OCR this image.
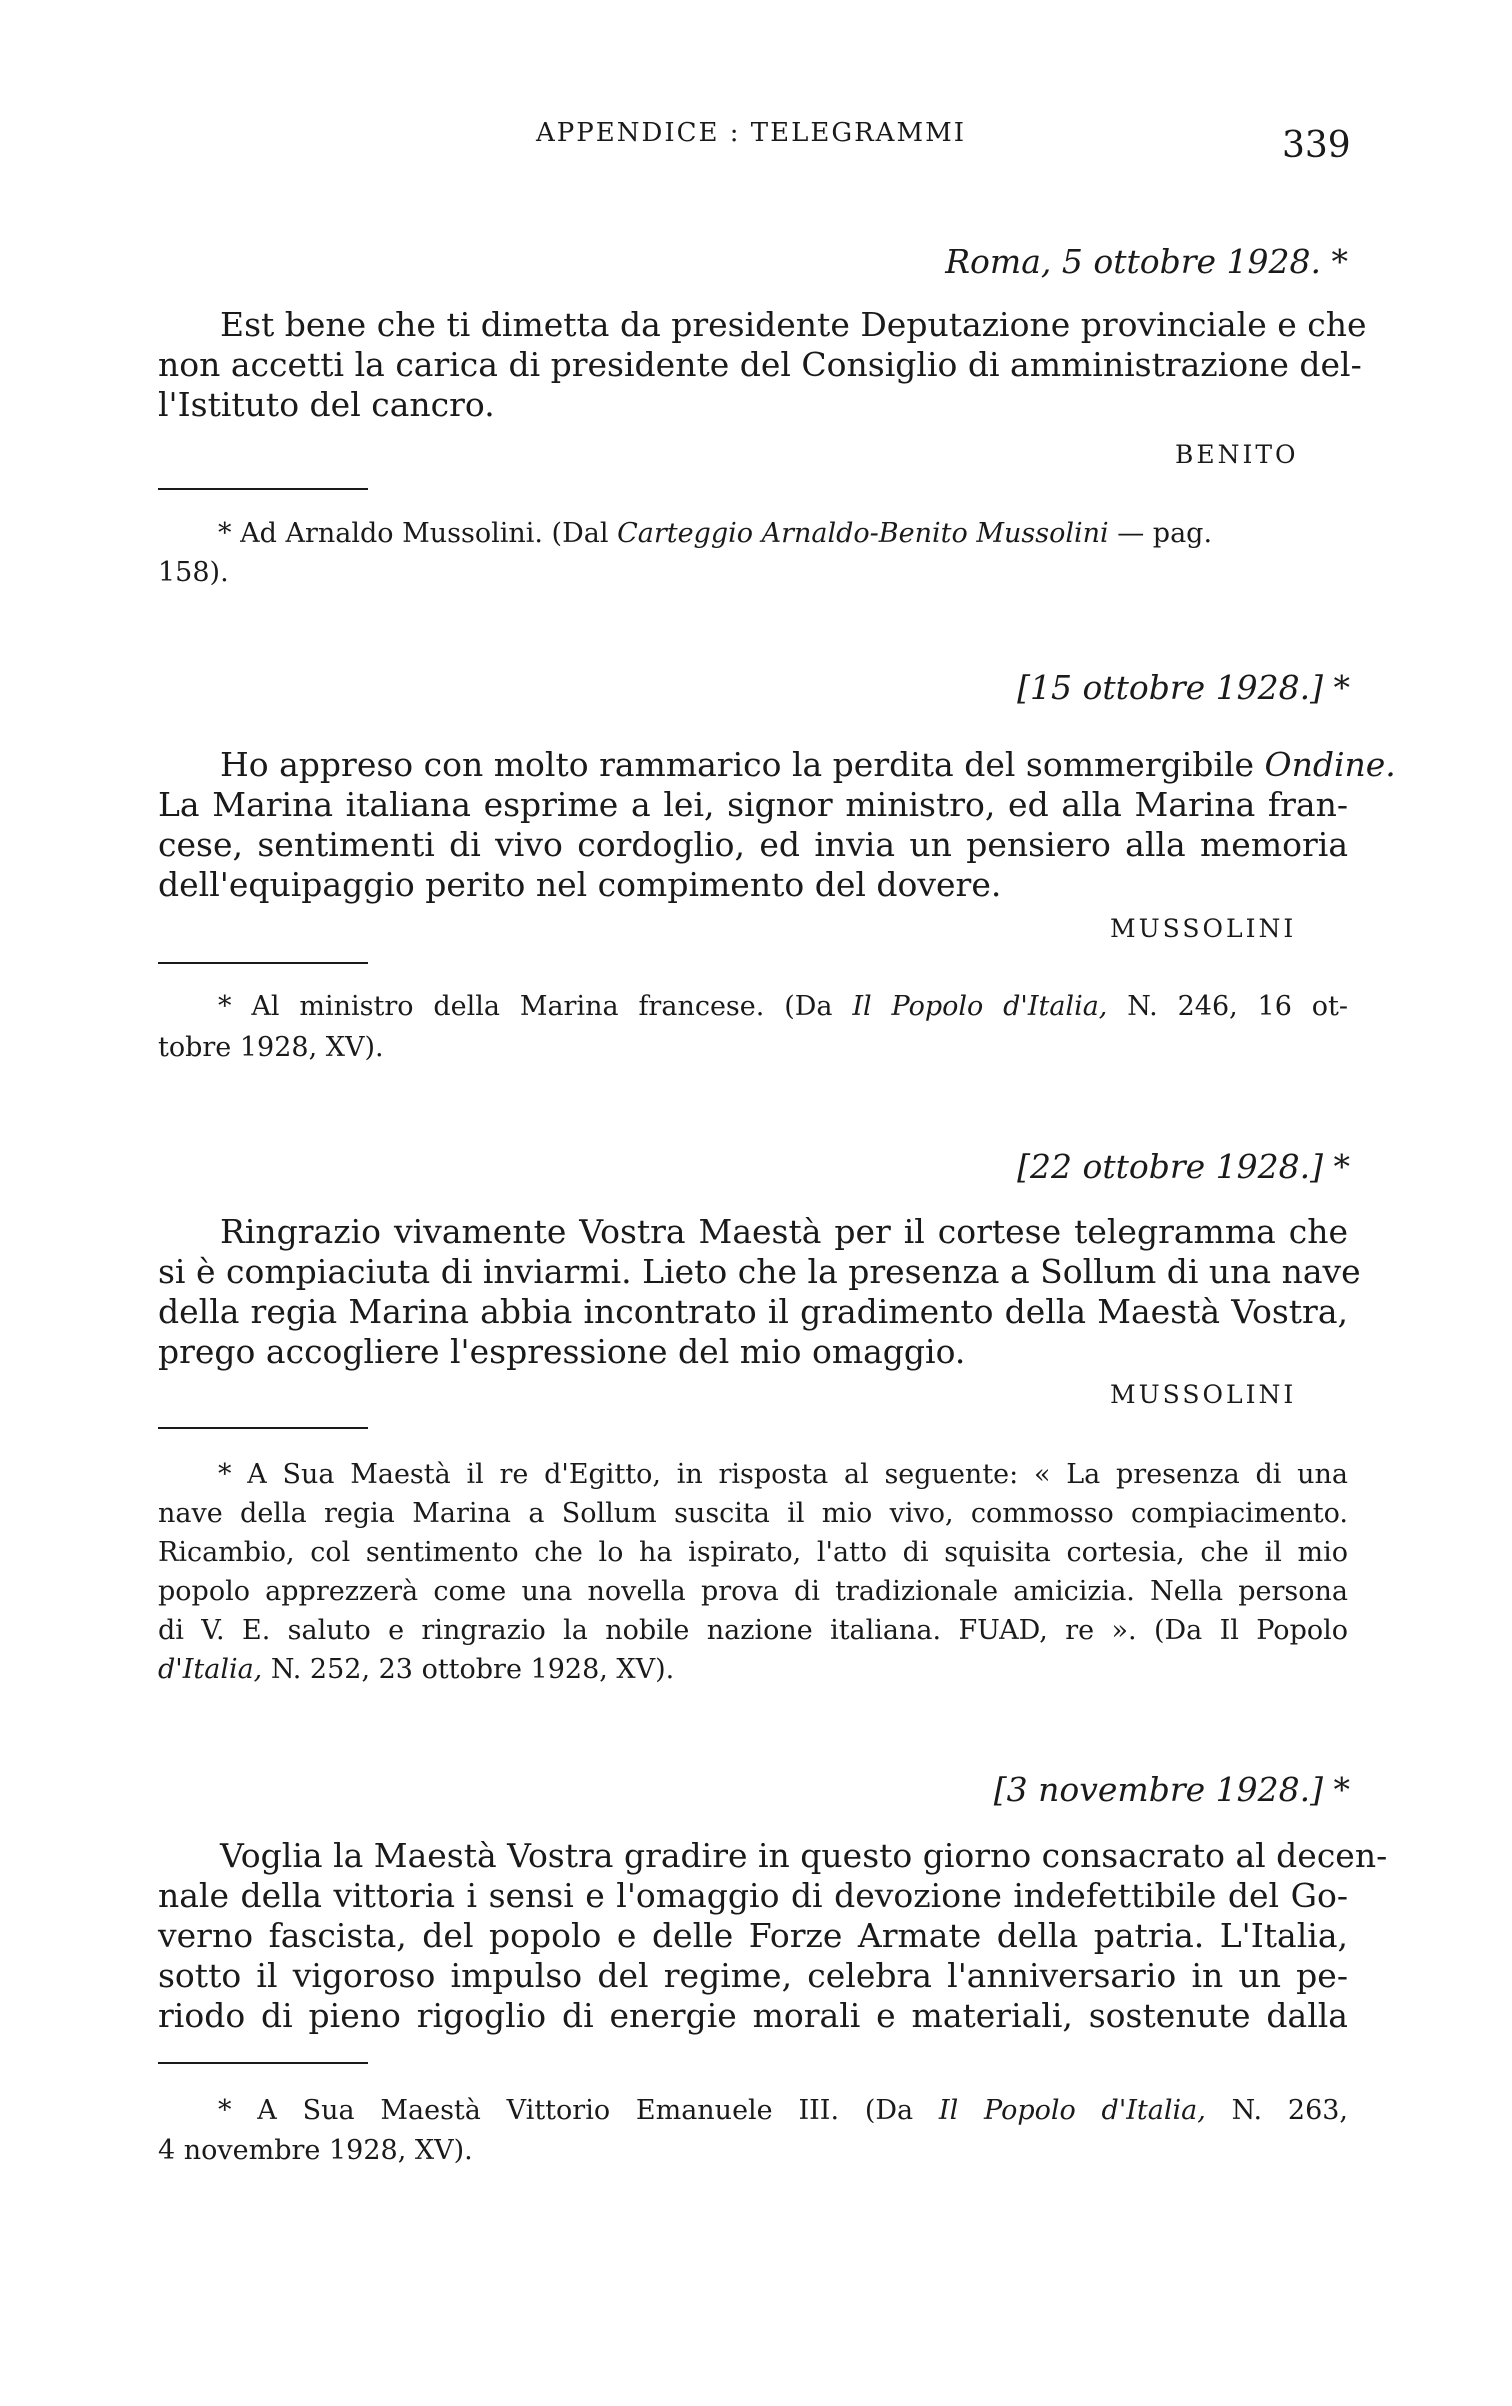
APPENDICE : TELEGRAMMI	339
Roma, 5 ottobre 1928. *
Est bene che ti dimetta da presidente Deputazione provinciale e che
non accetti la carica di presidente del Consiglio di amministrazione del-
l'Istituto del cancro.
BENITO
* Ad Arnaldo Mussolini. (Dal Carteggio Arnaldo-Benito Mussolini — pag.
158).
[15 ottobre 1928.] *
Ho appreso con molto rammarico la perdita del sommergibile Ondine.
La Marina italiana esprime a lei, signor ministro, ed alla Marina fran-
cese, sentimenti di vivo cordoglio, ed invia un pensiero alla memoria
dell'equipaggio perito nel compimento del dovere.
MUSSOLINI
* Al ministro della Marina francese. (Da Il Popolo d'Italia, N. 246, 16 ot-
tobre 1928, XV).
[22 ottobre 1928.] *
Ringrazio vivamente Vostra Maestà per il cortese telegramma che
si è compiaciuta di inviarmi. Lieto che la presenza a Sollum di una nave
della regia Marina abbia incontrato il gradimento della Maestà Vostra,
prego accogliere l'espressione del mio omaggio.
MUSSOLINI
* A Sua Maestà il re d'Egitto, in risposta al seguente: « La presenza di una
nave della regia Marina a Sollum suscita il mio vivo, commosso compiacimento.
Ricambio, col sentimento che lo ha ispirato, l'atto di squisita cortesia, che il mio
popolo apprezzerà come una novella prova di tradizionale amicizia. Nella persona
di V. E. saluto e ringrazio la nobile nazione italiana. FUAD, re ». (Da Il Popolo
d'Italia, N. 252, 23 ottobre 1928, XV).
[3 novembre 1928.] *
Voglia la Maestà Vostra gradire in questo giorno consacrato al decen-
nale della vittoria i sensi e l'omaggio di devozione indefettibile del Go-
verno fascista, del popolo e delle Forze Armate della patria. L'Italia,
sotto il vigoroso impulso del regime, celebra l'anniversario in un pe-
riodo di pieno rigoglio di energie morali e materiali, sostenute dalla
* A Sua Maestà Vittorio Emanuele III. (Da Il Popolo d'Italia, N. 263,
4 novembre 1928, XV).
